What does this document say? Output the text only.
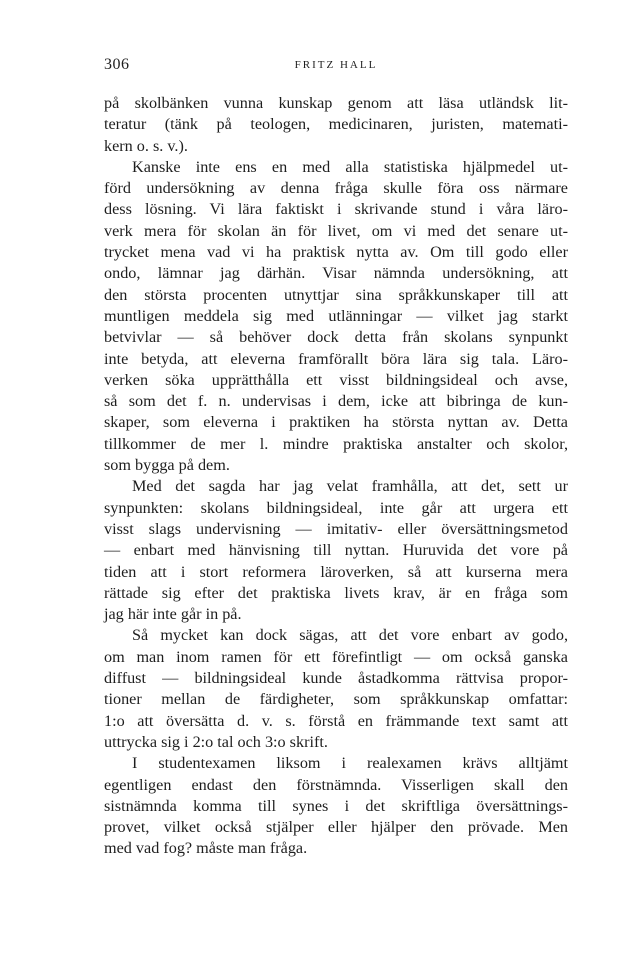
306	FRITZ HALL
på skolbänken vunna kunskap genom att läsa utländsk lit-
teratur (tänk på teologen, medicinaren, juristen, matemati-
kern o. s. v.).
Kanske inte ens en med alla statistiska hjälpmedel ut-
förd undersökning av denna fråga skulle föra oss närmare
dess lösning. Vi lära faktiskt i skrivande stund i våra läro-
verk mera för skolan än för livet, om vi med det senare ut-
trycket mena vad vi ha praktisk nytta av. Om till godo eller
ondo, lämnar jag därhän. Visar nämnda undersökning, att
den största procenten utnyttjar sina språkkunskaper till att
muntligen meddela sig med utlänningar — vilket jag starkt
betvivlar — så behöver dock detta från skolans synpunkt
inte betyda, att eleverna framförallt böra lära sig tala. Läro-
verken söka upprätthålla ett visst bildningsideal och avse,
så som det f. n. undervisas i dem, icke att bibringa de kun-
skaper, som eleverna i praktiken ha största nyttan av. Detta
tillkommer de mer l. mindre praktiska anstalter och skolor,
som bygga på dem.
Med det sagda har jag velat framhålla, att det, sett ur
synpunkten: skolans bildningsideal, inte går att urgera ett
visst slags undervisning — imitativ- eller översättningsmetod
— enbart med hänvisning till nyttan. Huruvida det vore på
tiden att i stort reformera läroverken, så att kurserna mera
rättade sig efter det praktiska livets krav, är en fråga som
jag här inte går in på.
Så mycket kan dock sägas, att det vore enbart av godo,
om man inom ramen för ett förefintligt — om också ganska
diffust — bildningsideal kunde åstadkomma rättvisa propor-
tioner mellan de färdigheter, som språkkunskap omfattar:
1:o att översätta d. v. s. förstå en främmande text samt att
uttrycka sig i 2:o tal och 3:o skrift.
I studentexamen liksom i realexamen krävs alltjämt
egentligen endast den förstnämnda. Visserligen skall den
sistnämnda komma till synes i det skriftliga översättnings-
provet, vilket också stjälper eller hjälper den prövade. Men
med vad fog? måste man fråga.
